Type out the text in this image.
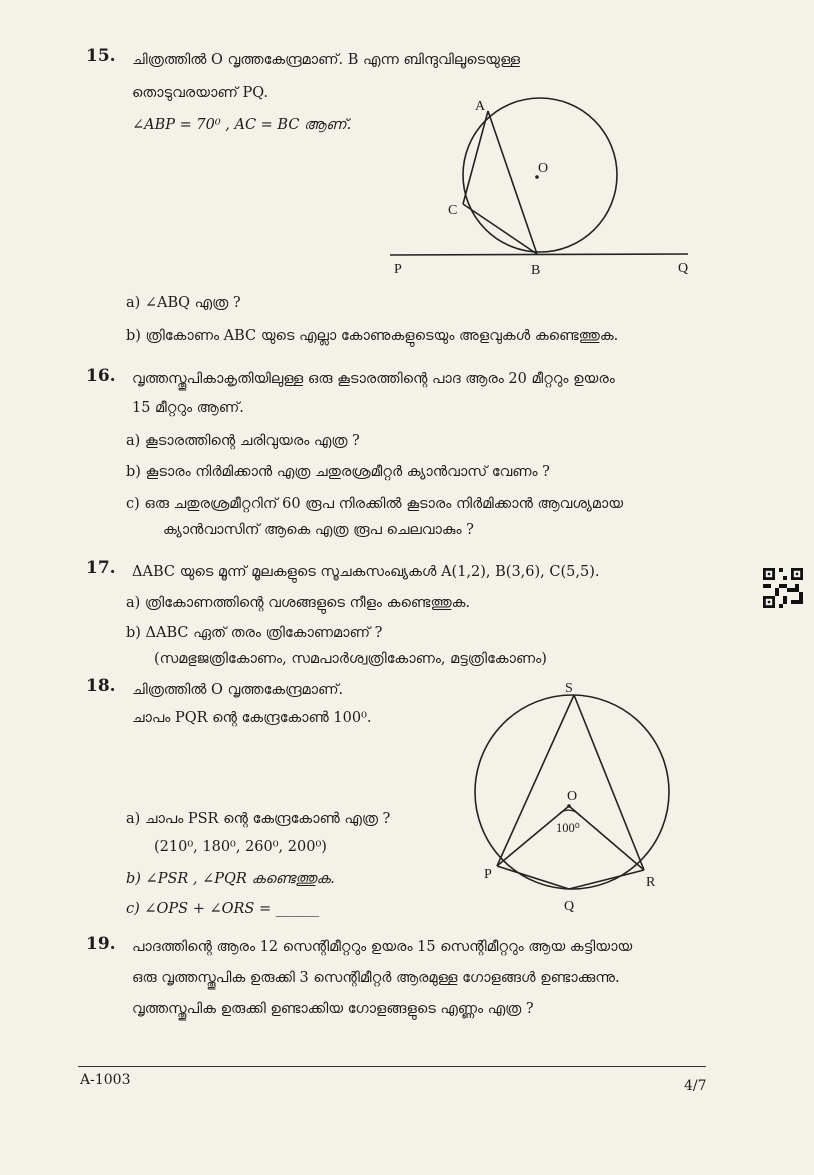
15. ചിത്രത്തിൽ O വൃത്തകേന്ദ്രമാണ്. B എന്ന ബിന്ദുവിലൂടെയുള്ള
തൊടുവരയാണ് PQ.
∠ABP = 70⁰ , AC = BC ആണ്.
A
O
C
P	B	Q
a) ∠ABQ എത്ര ?
b) ത്രികോണം ABC യുടെ എല്ലാ കോണുകളുടെയും അളവുകൾ കണ്ടെത്തുക.
16. വൃത്തസ്തൂപികാകൃതിയിലുള്ള ഒരു കൂടാരത്തിന്റെ പാദ ആരം 20 മീറ്ററും ഉയരം
15 മീറ്ററും ആണ്.
a) കൂടാരത്തിന്റെ ചരിവുയരം എത്ര ?
b) കൂടാരം നിർമിക്കാൻ എത്ര ചതുരശ്രമീറ്റർ ക്യാൻവാസ് വേണം ?
c) ഒരു ചതുരശ്രമീറ്ററിന് 60 രൂപ നിരക്കിൽ കൂടാരം നിർമിക്കാൻ ആവശ്യമായ
ക്യാൻവാസിന് ആകെ എത്ര രൂപ ചെലവാകും ?
17. ΔABC യുടെ മൂന്ന് മൂലകളുടെ സൂചകസംഖ്യകൾ A(1,2), B(3,6), C(5,5).
a) ത്രികോണത്തിന്റെ വശങ്ങളുടെ നീളം കണ്ടെത്തുക.
b) ΔABC ഏത് തരം ത്രികോണമാണ് ?
(സമഭുജത്രികോണം, സമപാർശ്വത്രികോണം, മട്ടത്രികോണം)
18. ചിത്രത്തിൽ O വൃത്തകേന്ദ്രമാണ്.
ചാപം PQR ന്റെ കേന്ദ്രകോൺ 100⁰.
a) ചാപം PSR ന്റെ കേന്ദ്രകോൺ എത്ര ?
(210⁰, 180⁰, 260⁰, 200⁰)
b) ∠PSR , ∠PQR കണ്ടെത്തുക.
c) ∠OPS + ∠ORS = ______
S
O
100⁰
P
R
Q
19. പാദത്തിന്റെ ആരം 12 സെന്റിമീറ്ററും ഉയരം 15 സെന്റിമീറ്ററും ആയ കട്ടിയായ
ഒരു വൃത്തസ്തൂപിക ഉരുക്കി 3 സെന്റിമീറ്റർ ആരമുള്ള ഗോളങ്ങൾ ഉണ്ടാക്കുന്നു.
വൃത്തസ്തൂപിക ഉരുക്കി ഉണ്ടാക്കിയ ഗോളങ്ങളുടെ എണ്ണം എത്ര ?
A-1003	4/7
